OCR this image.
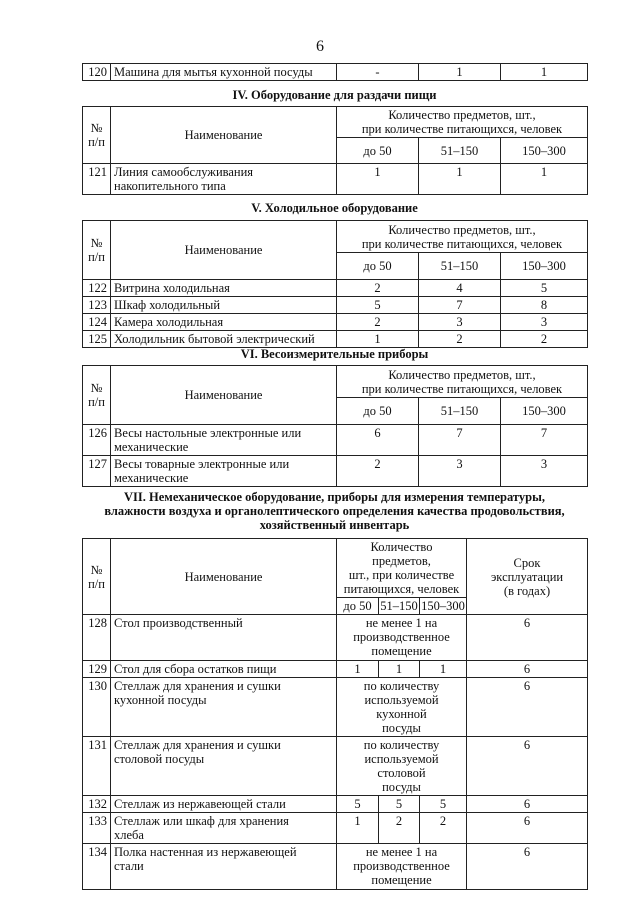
6
120	Машина для мытья кухонной посуды	-	1	1
IV. Оборудование для раздачи пищи
№
п/п	Наименование	Количество предметов, шт.,
при количестве питающихся, человек		
		до 50	51–150	150–300
121	Линия самообслуживания
накопительного типа	1	1	1
V. Холодильное оборудование
№
п/п	Наименование	Количество предметов, шт.,
при количестве питающихся, человек		
		до 50	51–150	150–300
122	Витрина холодильная	2	4	5
123	Шкаф холодильный	5	7	8
124	Камера холодильная	2	3	3
125	Холодильник бытовой электрический	1	2	2
VI. Весоизмерительные приборы
№
п/п	Наименование	Количество предметов, шт.,
при количестве питающихся, человек		
		до 50	51–150	150–300
126	Весы настольные электронные или
механические	6	7	7
127	Весы товарные электронные или
механические	2	3	3
VII. Немеханическое оборудование, приборы для измерения температуры,
влажности воздуха и органолептического определения качества продовольствия,
хозяйственный инвентарь
№
п/п	Наименование	Количество предметов,
шт., при количестве
питающихся, человек			Срок
эксплуатации
(в годах)
		до 50	51–150	150–300	
128	Стол производственный	не менее 1 на
производственное
помещение			6
129	Стол для сбора остатков пищи	1	1	1	6
130	Стеллаж для хранения и сушки
кухонной посуды	по количеству
используемой кухонной
посуды			6
131	Стеллаж для хранения и сушки
столовой посуды	по количеству
используемой столовой
посуды			6
132	Стеллаж из нержавеющей стали	5	5	5	6
133	Стеллаж или шкаф для хранения
хлеба	1	2	2	6
134	Полка настенная из нержавеющей
стали	не менее 1 на
производственное
помещение			6
